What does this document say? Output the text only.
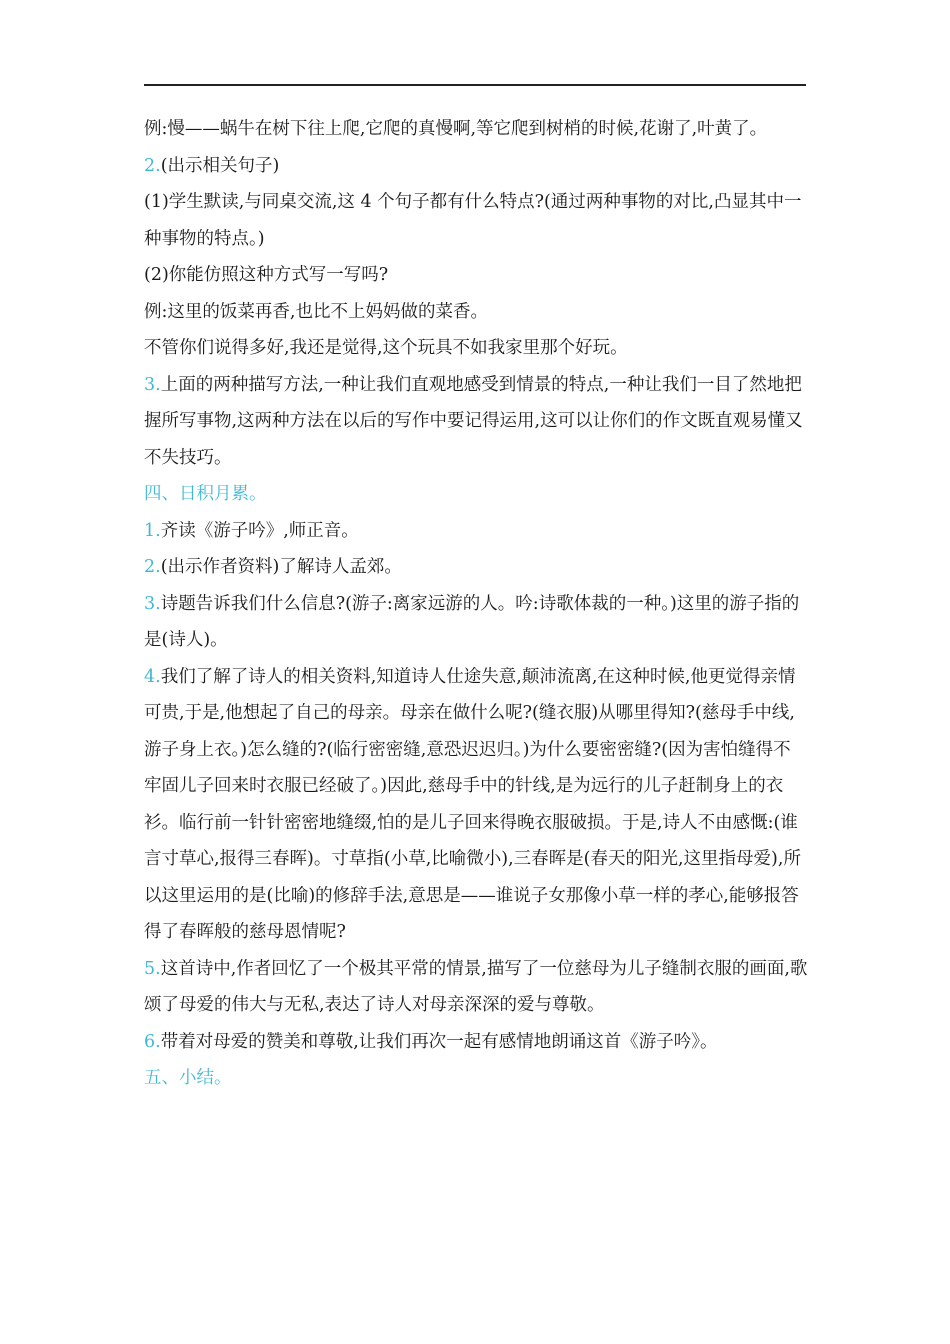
例:慢——蜗牛在树下往上爬,它爬的真慢啊,等它爬到树梢的时候,花谢了,叶黄了。

2.(出示相关句子)

(1)学生默读,与同桌交流,这 4 个句子都有什么特点?(通过两种事物的对比,凸显其中一种事物的特点。)

(2)你能仿照这种方式写一写吗?

例:这里的饭菜再香,也比不上妈妈做的菜香。

不管你们说得多好,我还是觉得,这个玩具不如我家里那个好玩。

3.上面的两种描写方法,一种让我们直观地感受到情景的特点,一种让我们一目了然地把握所写事物,这两种方法在以后的写作中要记得运用,这可以让你们的作文既直观易懂又不失技巧。

四、日积月累。

1.齐读《游子吟》,师正音。

2.(出示作者资料)了解诗人孟郊。

3.诗题告诉我们什么信息?(游子:离家远游的人。吟:诗歌体裁的一种。)这里的游子指的是(诗人)。

4.我们了解了诗人的相关资料,知道诗人仕途失意,颠沛流离,在这种时候,他更觉得亲情可贵,于是,他想起了自己的母亲。母亲在做什么呢?(缝衣服)从哪里得知?(慈母手中线,游子身上衣。)怎么缝的?(临行密密缝,意恐迟迟归。)为什么要密密缝?(因为害怕缝得不牢固儿子回来时衣服已经破了。)因此,慈母手中的针线,是为远行的儿子赶制身上的衣衫。临行前一针针密密地缝缀,怕的是儿子回来得晚衣服破损。于是,诗人不由感慨:(谁言寸草心,报得三春晖)。寸草指(小草,比喻微小),三春晖是(春天的阳光,这里指母爱),所以这里运用的是(比喻)的修辞手法,意思是——谁说子女那像小草一样的孝心,能够报答得了春晖般的慈母恩情呢?

5.这首诗中,作者回忆了一个极其平常的情景,描写了一位慈母为儿子缝制衣服的画面,歌颂了母爱的伟大与无私,表达了诗人对母亲深深的爱与尊敬。

6.带着对母爱的赞美和尊敬,让我们再次一起有感情地朗诵这首《游子吟》。

五、小结。
